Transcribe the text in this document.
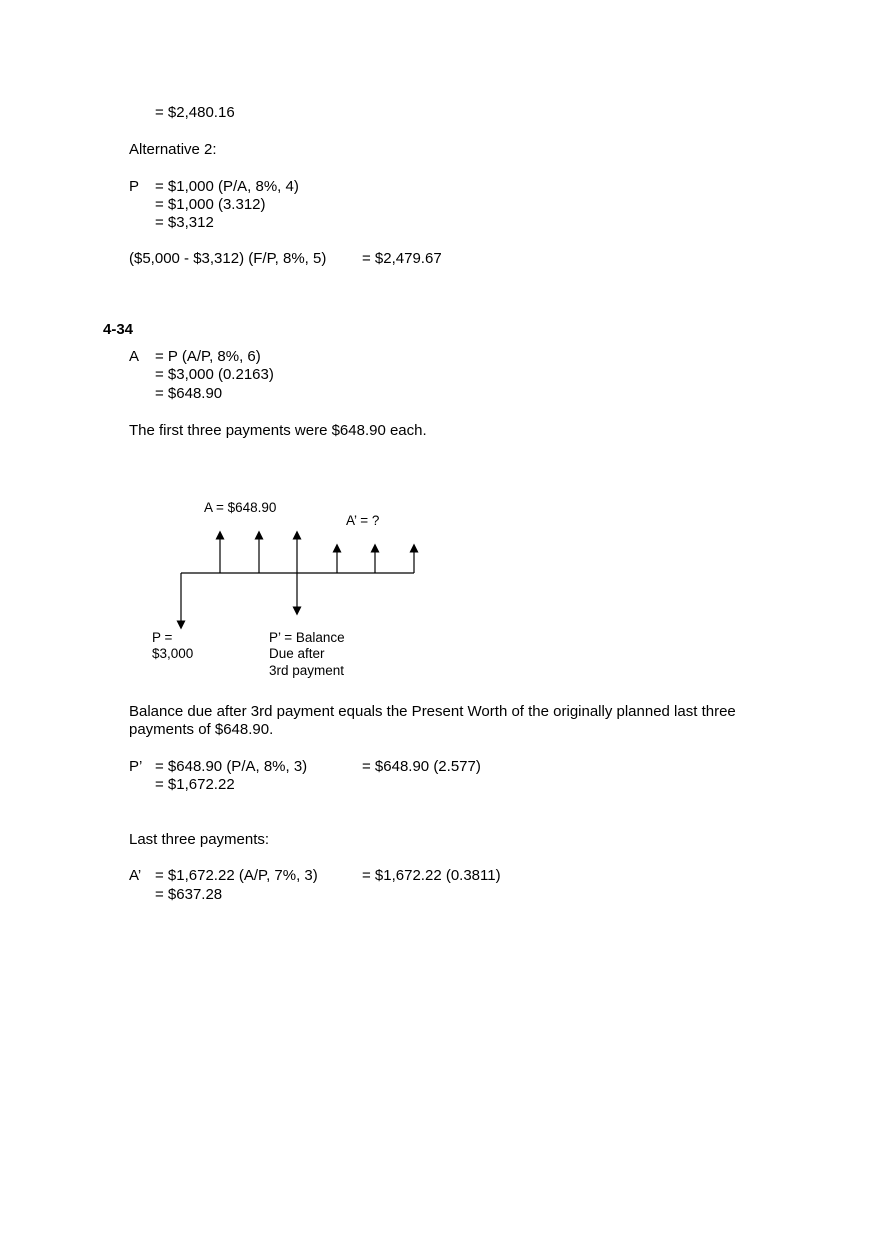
= $2,480.16
Alternative 2:
P = $1,000 (P/A, 8%, 4)
= $1,000 (3.312)
= $3,312
($5,000 - $3,312) (F/P, 8%, 5) = $2,479.67
4-34
A = P (A/P, 8%, 6)
= $3,000 (0.2163)
= $648.90
The first three payments were $648.90 each.
A = $648.90
A’ = ?
P =
$3,000
P’ = Balance
Due after
3rd payment
Balance due after 3rd payment equals the Present Worth of the originally planned last three
payments of $648.90.
P’ = $648.90 (P/A, 8%, 3)	= $648.90 (2.577)
= $1,672.22
Last three payments:
A’ = $1,672.22 (A/P, 7%, 3)	= $1,672.22 (0.3811)
= $637.28
